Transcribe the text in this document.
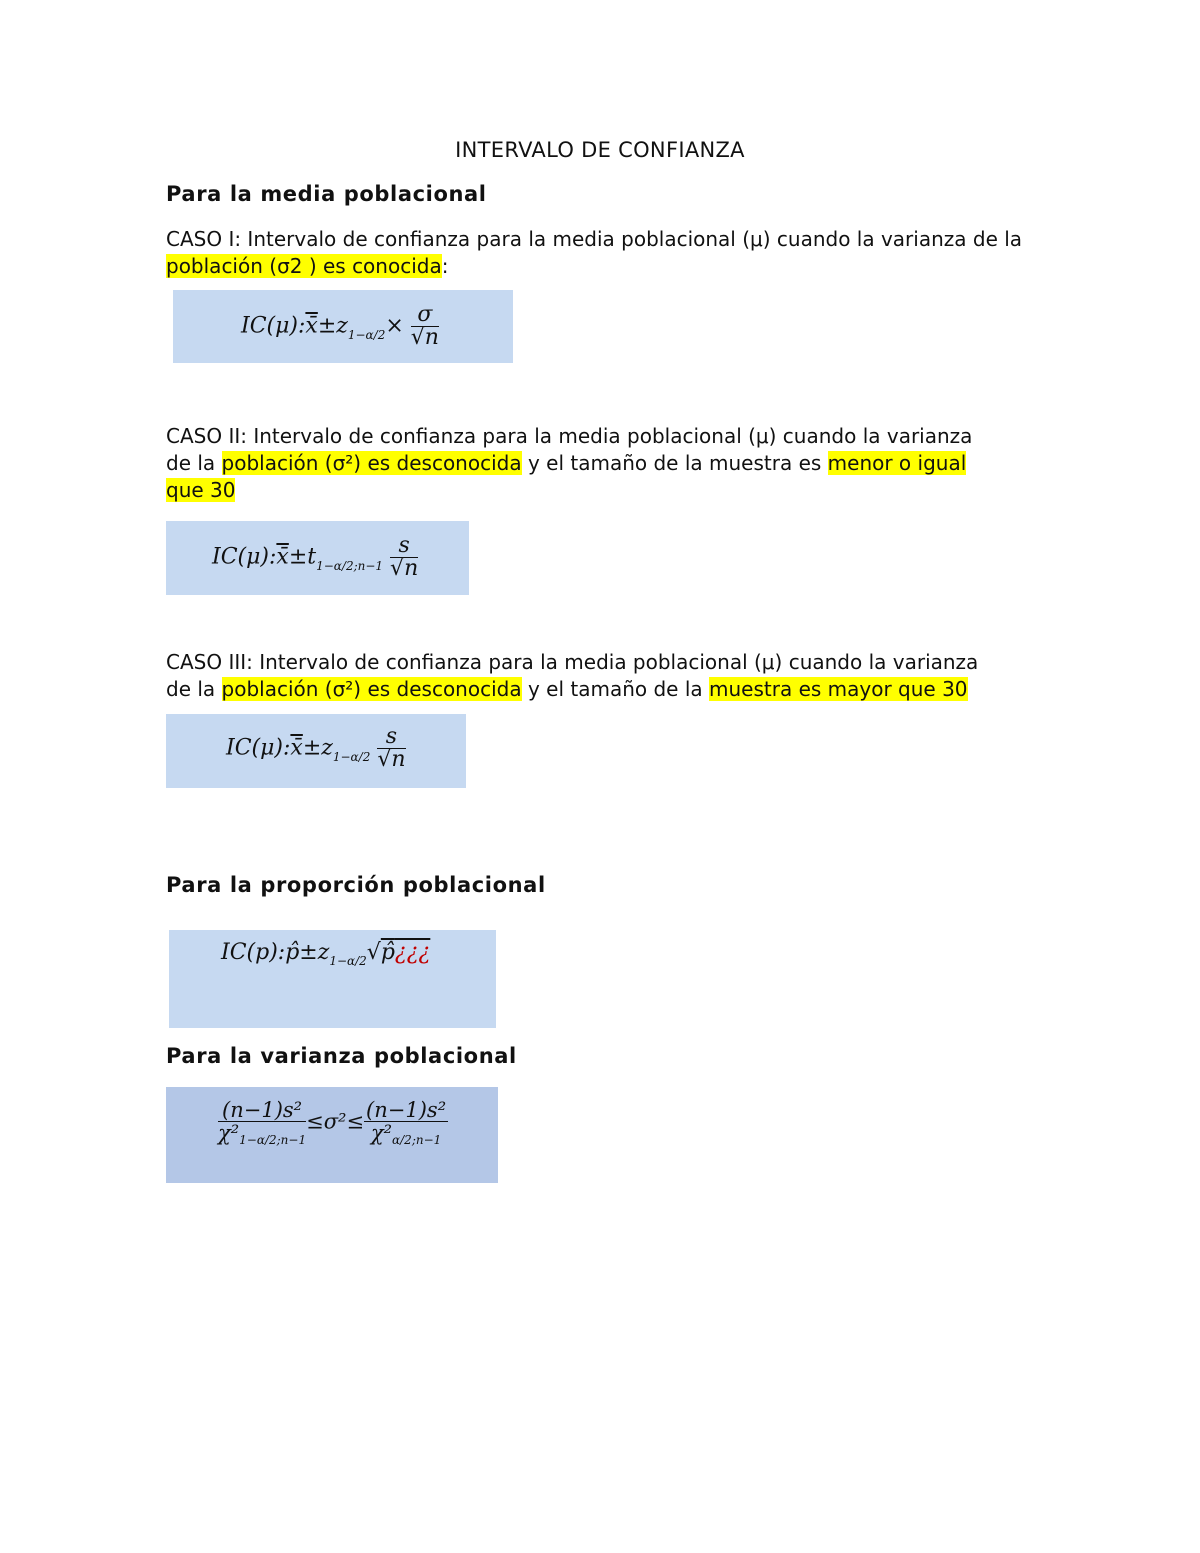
INTERVALO DE CONFIANZA
Para la media poblacional
CASO I: Intervalo de confianza para la media poblacional (μ) cuando la varianza de la población (σ2 ) es conocida:
$IC(\mu):x̄\pm z_{1-\alpha/2}\times \frac{\sigma}{√n}$
CASO II: Intervalo de confianza para la media poblacional (μ) cuando la varianza de la población (σ²) es desconocida y el tamaño de la muestra es menor o igual que 30
$IC(\mu):x̄\pm t_{1-\alpha/2;n-1} \frac{s}{√n}$
CASO III: Intervalo de confianza para la media poblacional (μ) cuando la varianza de la población (σ²) es desconocida y el tamaño de la muestra es mayor que 30
$IC(\mu):x̄\pm z_{1-\alpha/2} \frac{s}{√n}$
Para la proporción poblacional
$IC(p):p̂\pm z_{1-\alpha/2}√p̂¿¿¿$
Para la varianza poblacional
$\frac{\text{(n−1)s²}}{\text{χ²1−α/2;n−1}} \le\sigma^2\le \frac{\text{(n−1)s²}}{\text{χ²α/2;n−1}}$
